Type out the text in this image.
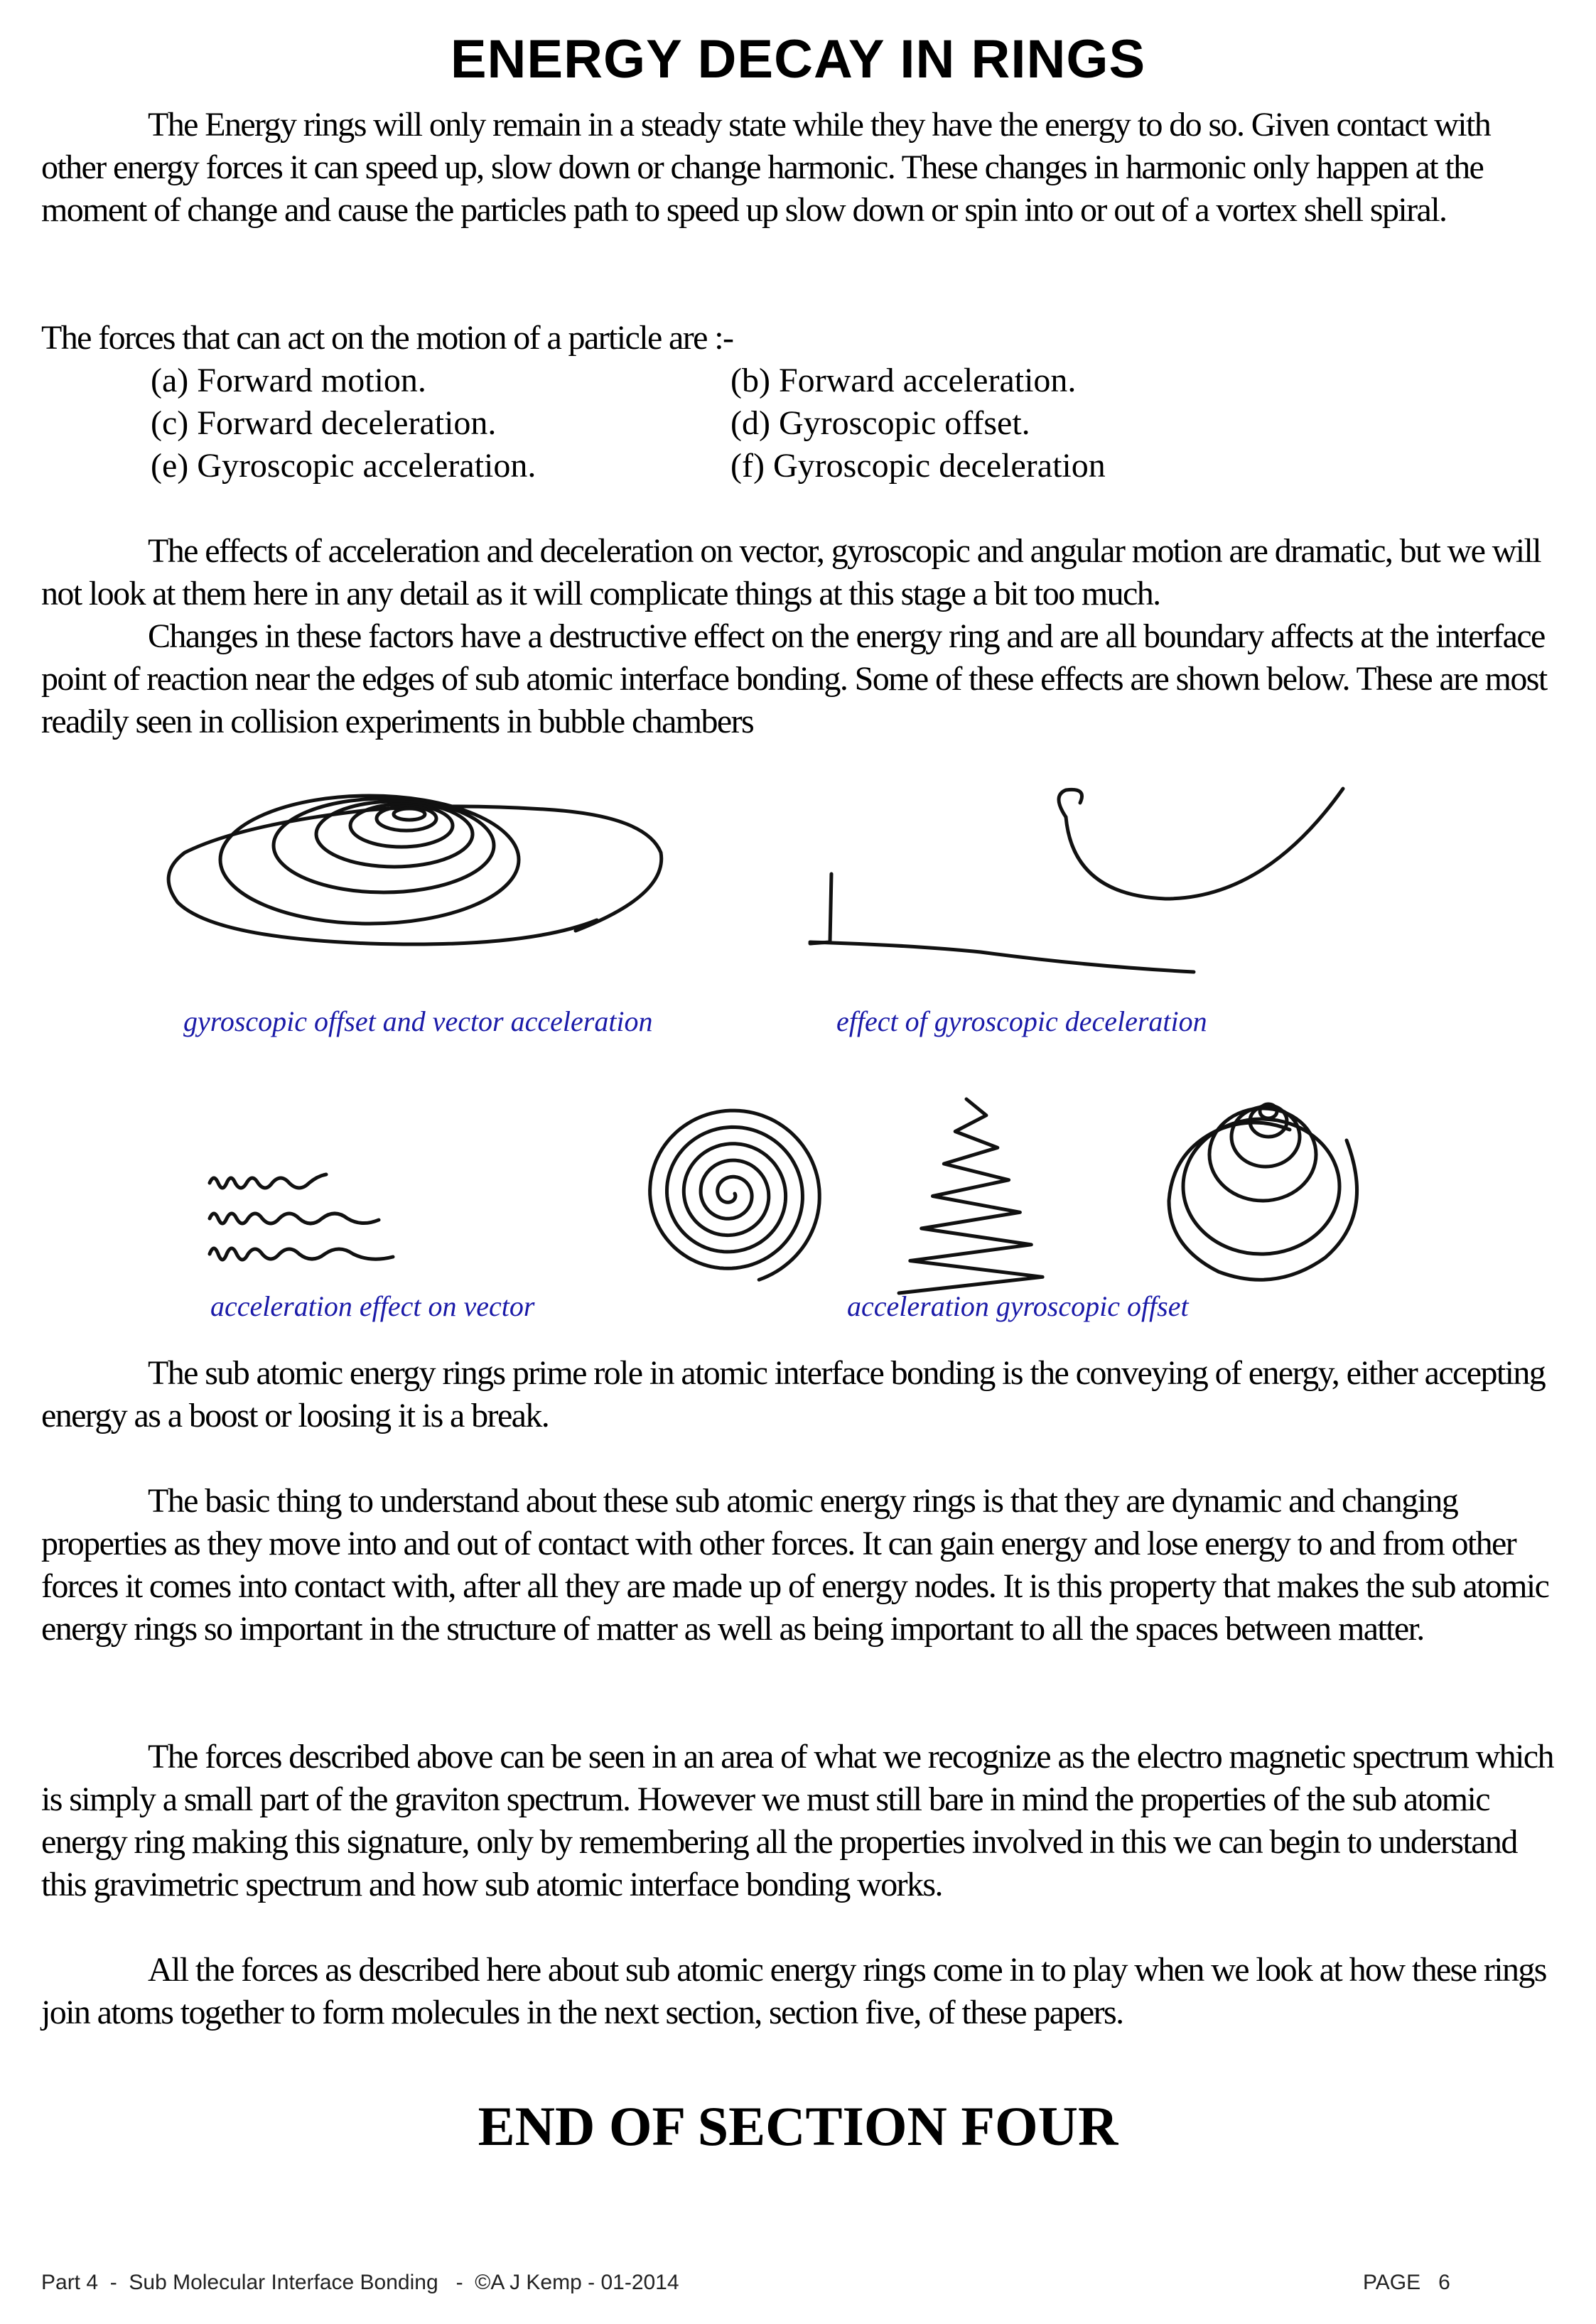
ENERGY DECAY IN RINGS

The Energy rings will only remain in a steady state while they have the energy to do so. Given contact with other energy forces it can speed up, slow down or change harmonic. These changes in harmonic only happen at the moment of change and cause the particles path to speed up slow down or spin into or out of a vortex shell spiral.

The forces that can act on the motion of a particle are :-

(a) Forward motion.	(b) Forward acceleration.
(c) Forward deceleration.	(d) Gyroscopic offset.
(e) Gyroscopic acceleration.	(f) Gyroscopic deceleration

The effects of acceleration and deceleration on vector, gyroscopic and angular motion are dramatic, but we will not look at them here in any detail as it will complicate things at this stage a bit too much.

Changes in these factors have a destructive effect on the energy ring and are all boundary affects at the interface point of reaction near the edges of sub atomic interface bonding. Some of these effects are shown below. These are most readily seen in collision experiments in bubble chambers

gyroscopic offset and vector acceleration	effect of gyroscopic deceleration
acceleration effect on vector	acceleration gyroscopic offset

The sub atomic energy rings prime role in atomic interface bonding is the conveying of energy, either accepting energy as a boost or loosing it is a break.

The basic thing to understand about these sub atomic energy rings is that they are dynamic and changing properties as they move into and out of contact with other forces. It can gain energy and lose energy to and from other forces it comes into contact with, after all they are made up of energy nodes. It is this property that makes the sub atomic energy rings so important in the structure of matter as well as being important to all the spaces between matter.

The forces described above can be seen in an area of what we recognize as the electro magnetic spectrum which is simply a small part of the graviton spectrum. However we must still bare in mind the properties of the sub atomic energy ring making this signature, only by remembering all the properties involved in this we can begin to understand this gravimetric spectrum and how sub atomic interface bonding works.

All the forces as described here about sub atomic energy rings come in to play when we look at how these rings join atoms together to form molecules in the next section, section five, of these papers.

END OF SECTION FOUR
Part 4  -  Sub Molecular Interface Bonding   -  ©A J Kemp - 01-2014	PAGE   6
